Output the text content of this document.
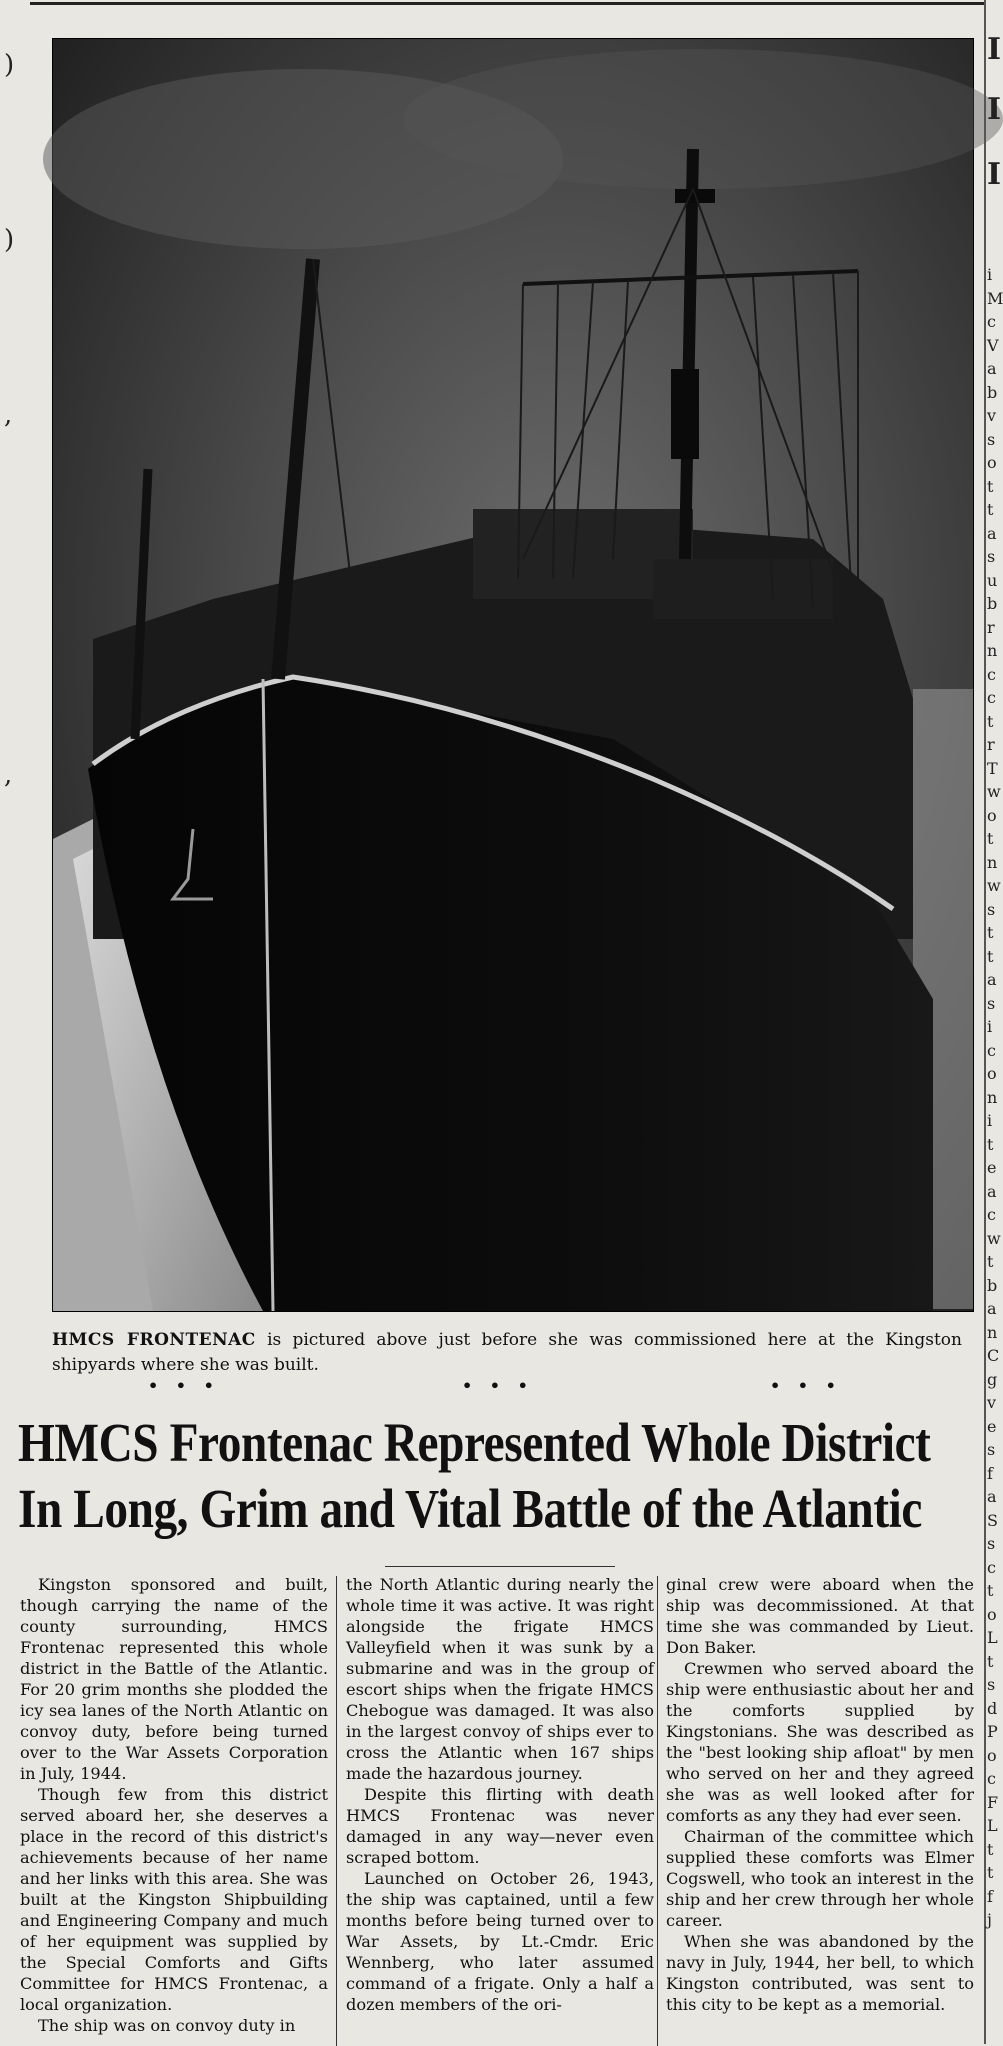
)
)
,
,
HMCS FRONTENAC is pictured above just before she was commissioned here at the Kingston shipyards where she was built.
• • •	• • •	• • •
HMCS Frontenac Represented Whole District
In Long, Grim and Vital Battle of the Atlantic

Kingston sponsored and built, though carrying the name of the county surrounding, HMCS Frontenac represented this whole district in the Battle of the Atlantic. For 20 grim months she plodded the icy sea lanes of the North Atlantic on convoy duty, before being turned over to the War Assets Corporation in July, 1944.

Though few from this district served aboard her, she deserves a place in the record of this district's achievements because of her name and her links with this area. She was built at the Kingston Shipbuilding and Engineering Company and much of her equipment was supplied by the Special Comforts and Gifts Committee for HMCS Frontenac, a local organization.

The ship was on convoy duty in

the North Atlantic during nearly the whole time it was active. It was right alongside the frigate HMCS Valleyfield when it was sunk by a submarine and was in the group of escort ships when the frigate HMCS Chebogue was damaged. It was also in the largest convoy of ships ever to cross the Atlantic when 167 ships made the hazardous journey.

Despite this flirting with death HMCS Frontenac was never damaged in any way—never even scraped bottom.

Launched on October 26, 1943, the ship was captained, until a few months before being turned over to War Assets, by Lt.-Cmdr. Eric Wennberg, who later assumed command of a frigate. Only a half a dozen members of the ori-

ginal crew were aboard when the ship was decommissioned. At that time she was commanded by Lieut. Don Baker.

Crewmen who served aboard the ship were enthusiastic about her and the comforts supplied by Kingstonians. She was described as the "best looking ship afloat" by men who served on her and they agreed she was as well looked after for comforts as any they had ever seen.

Chairman of the committee which supplied these comforts was Elmer Cogswell, who took an interest in the ship and her crew through her whole career.

When she was abandoned by the navy in July, 1944, her bell, to which Kingston contributed, was sent to this city to be kept as a memorial.

I
I
I
i
M
c
V
a
b
v
s
o
t
t
a
s
u
b
r
n
c
c
t
r
T
w
o
t
n
w
s
t
t
a
s
i
c
o
n
i
t
e
a
c
w
t
b
a
n
C
g
v
e
s
f
a
S
s
c
t
o
L
t
s
d
P
o
c
F
L
t
t
f
j
